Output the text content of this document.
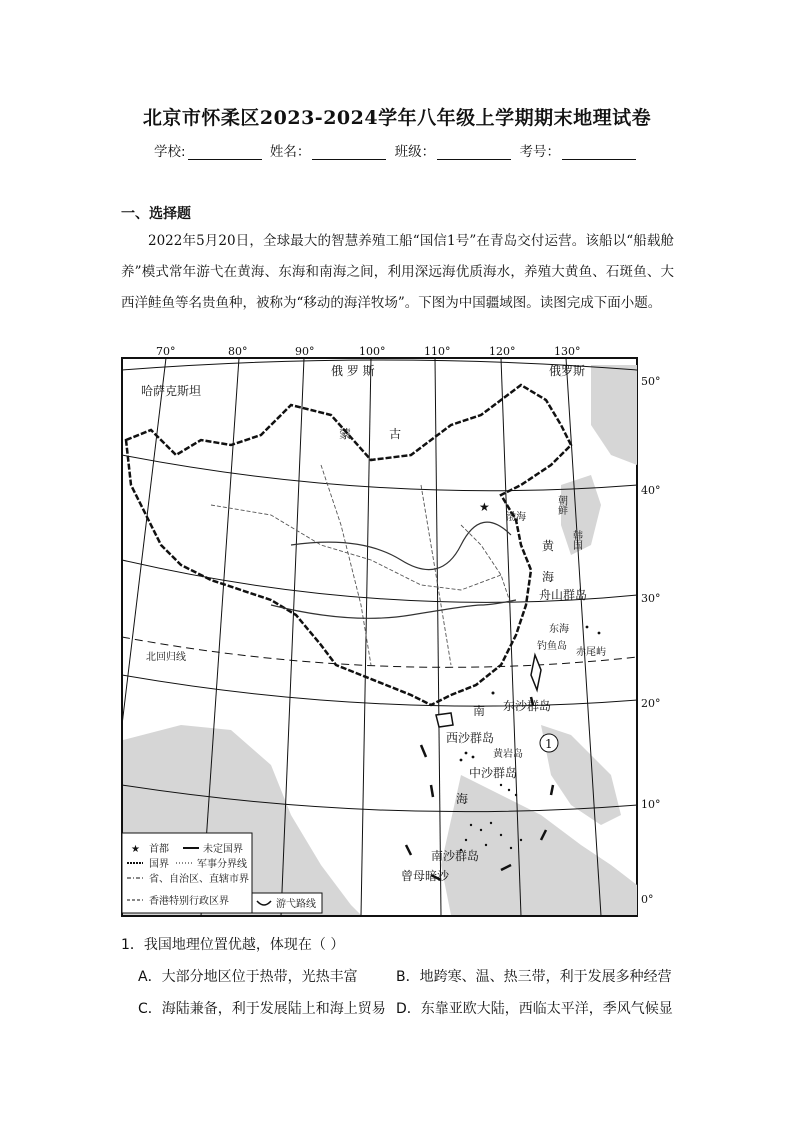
北京市怀柔区2023-2024学年八年级上学期期末地理试卷
学校:	姓名：	班级：	考号：
一、选择题
2022年5月20日，全球最大的智慧养殖工船“国信1号”在青岛交付运营。该船以“船载舱养”模式常年游弋在黄海、东海和南海之间，利用深远海优质海水，养殖大黄鱼、石斑鱼、大西洋鲑鱼等名贵鱼种，被称为“移动的海洋牧场”。下图为中国疆域图。读图完成下面小题。
★
70°	80°	90°	100°	110°	120°	130°
50°
40°
30°
20°
10°
0°
哈萨克斯坦
俄 罗 斯	俄罗斯
蒙          古
朝鲜
韩国
渤海
黄
海
东海
南
海
舟山群岛
钓鱼岛
赤尾屿
东沙群岛
西沙群岛
黄岩岛
中沙群岛
南沙群岛
曾母暗沙
北回归线
1
★ 首都	未定国界
国界	军事分界线
省、自治区、直辖市界
香港特别行政区界	游弋路线
1．我国地理位置优越，体现在（ ）
A．大部分地区位于热带，光热丰富	B．地跨寒、温、热三带，利于发展多种经营
C．海陆兼备，利于发展陆上和海上贸易 D．东靠亚欧大陆，西临太平洋，季风气候显
